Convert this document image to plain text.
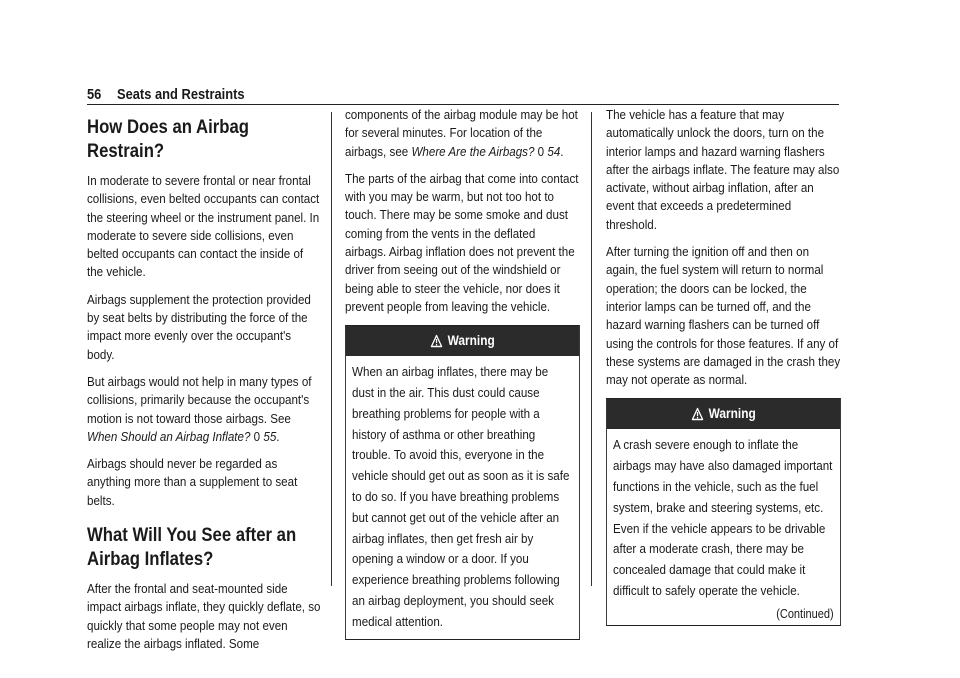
56 Seats and Restraints
How Does an Airbag Restrain?

In moderate to severe frontal or near frontal collisions, even belted occupants can contact the steering wheel or the instrument panel. In moderate to severe side collisions, even belted occupants can contact the inside of the vehicle.

Airbags supplement the protection provided by seat belts by distributing the force of the impact more evenly over the occupant's body.

But airbags would not help in many types of collisions, primarily because the occupant's motion is not toward those airbags. See When Should an Airbag Inflate? 0 55.

Airbags should never be regarded as anything more than a supplement to seat belts.

What Will You See after an Airbag Inflates?

After the frontal and seat-mounted side impact airbags inflate, they quickly deflate, so quickly that some people may not even realize the airbags inflated. Some

components of the airbag module may be hot for several minutes. For location of the airbags, see Where Are the Airbags? 0 54.

The parts of the airbag that come into contact with you may be warm, but not too hot to touch. There may be some smoke and dust coming from the vents in the deflated airbags. Airbag inflation does not prevent the driver from seeing out of the windshield or being able to steer the vehicle, nor does it prevent people from leaving the vehicle.

Warning
When an airbag inflates, there may be dust in the air. This dust could cause breathing problems for people with a history of asthma or other breathing trouble. To avoid this, everyone in the vehicle should get out as soon as it is safe to do so. If you have breathing problems but cannot get out of the vehicle after an airbag inflates, then get fresh air by opening a window or a door. If you experience breathing problems following an airbag deployment, you should seek medical attention.

The vehicle has a feature that may automatically unlock the doors, turn on the interior lamps and hazard warning flashers after the airbags inflate. The feature may also activate, without airbag inflation, after an event that exceeds a predetermined threshold.

After turning the ignition off and then on again, the fuel system will return to normal operation; the doors can be locked, the interior lamps can be turned off, and the hazard warning flashers can be turned off using the controls for those features. If any of these systems are damaged in the crash they may not operate as normal.

Warning
A crash severe enough to inflate the airbags may have also damaged important functions in the vehicle, such as the fuel system, brake and steering systems, etc. Even if the vehicle appears to be drivable after a moderate crash, there may be concealed damage that could make it difficult to safely operate the vehicle.
(Continued)
